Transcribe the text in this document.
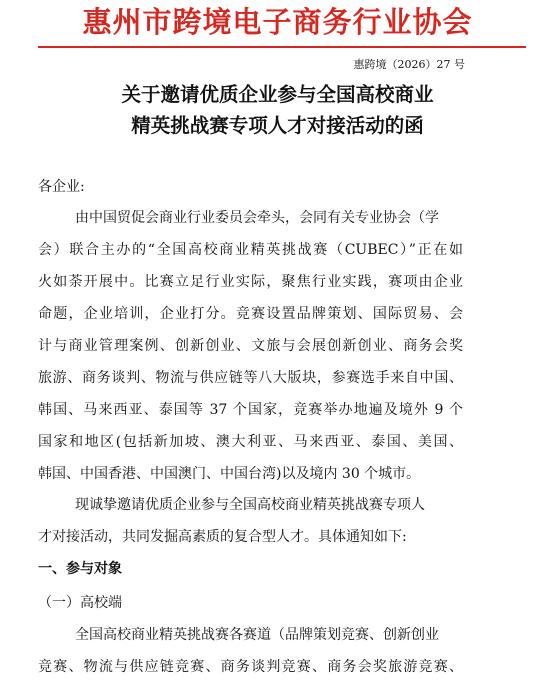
惠州市跨境电子商务行业协会
惠跨境（2026）27 号
关于邀请优质企业参与全国高校商业
精英挑战赛专项人才对接活动的函
各企业:
由中国贸促会商业行业委员会牵头，会同有关专业协会（学
会）联合主办的“全国高校商业精英挑战赛（CUBEC）”正在如
火如荼开展中。比赛立足行业实际，聚焦行业实践，赛项由企业
命题，企业培训，企业打分。竞赛设置品牌策划、国际贸易、会
计与商业管理案例、创新创业、文旅与会展创新创业、商务会奖
旅游、商务谈判、物流与供应链等八大版块，参赛选手来自中国、
韩国、马来西亚、泰国等 37 个国家，竞赛举办地遍及境外 9 个
国家和地区(包括新加坡、澳大利亚、马来西亚、泰国、美国、
韩国、中国香港、中国澳门、中国台湾)以及境内 30 个城市。
现诚挚邀请优质企业参与全国高校商业精英挑战赛专项人
才对接活动，共同发掘高素质的复合型人才。具体通知如下:
一、参与对象
（一）高校端
全国高校商业精英挑战赛各赛道（品牌策划竞赛、创新创业
竞赛、物流与供应链竞赛、商务谈判竞赛、商务会奖旅游竞赛、
